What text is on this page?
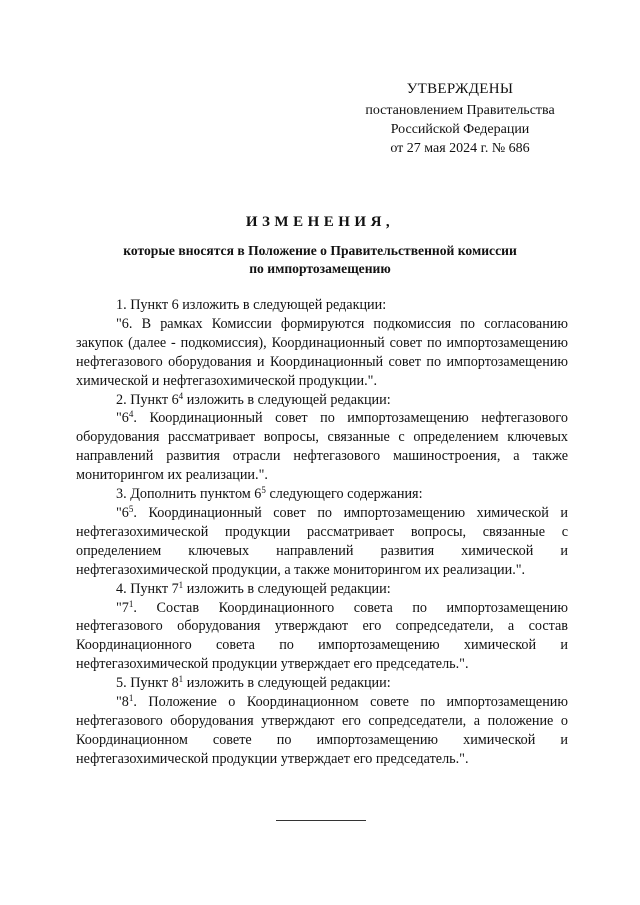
УТВЕРЖДЕНЫ
постановлением Правительства
Российской Федерации
от 27 мая 2024 г. № 686
ИЗМЕНЕНИЯ,
которые вносятся в Положение о Правительственной комиссии
по импортозамещению

1. Пункт 6 изложить в следующей редакции:

"6. В рамках Комиссии формируются подкомиссия по согласованию закупок (далее - подкомиссия), Координационный совет по импортозамещению нефтегазового оборудования и Координационный совет по импортозамещению химической и нефтегазохимической продукции.".

2. Пункт $6^4$ изложить в следующей редакции:

"$6^4$. Координационный совет по импортозамещению нефтегазового оборудования рассматривает вопросы, связанные с определением ключевых направлений развития отрасли нефтегазового машиностроения, а также мониторингом их реализации.".

3. Дополнить пунктом $6^5$ следующего содержания:

"$6^5$. Координационный совет по импортозамещению химической и нефтегазохимической продукции рассматривает вопросы, связанные с определением ключевых направлений развития химической и нефтегазохимической продукции, а также мониторингом их реализации.".

4. Пункт $7^1$ изложить в следующей редакции:

"$7^1$. Состав Координационного совета по импортозамещению нефтегазового оборудования утверждают его сопредседатели, а состав Координационного совета по импортозамещению химической и нефтегазохимической продукции утверждает его председатель.".

5. Пункт $8^1$ изложить в следующей редакции:

"$8^1$. Положение о Координационном совете по импортозамещению нефтегазового оборудования утверждают его сопредседатели, а положение о Координационном совете по импортозамещению химической и нефтегазохимической продукции утверждает его председатель.".
